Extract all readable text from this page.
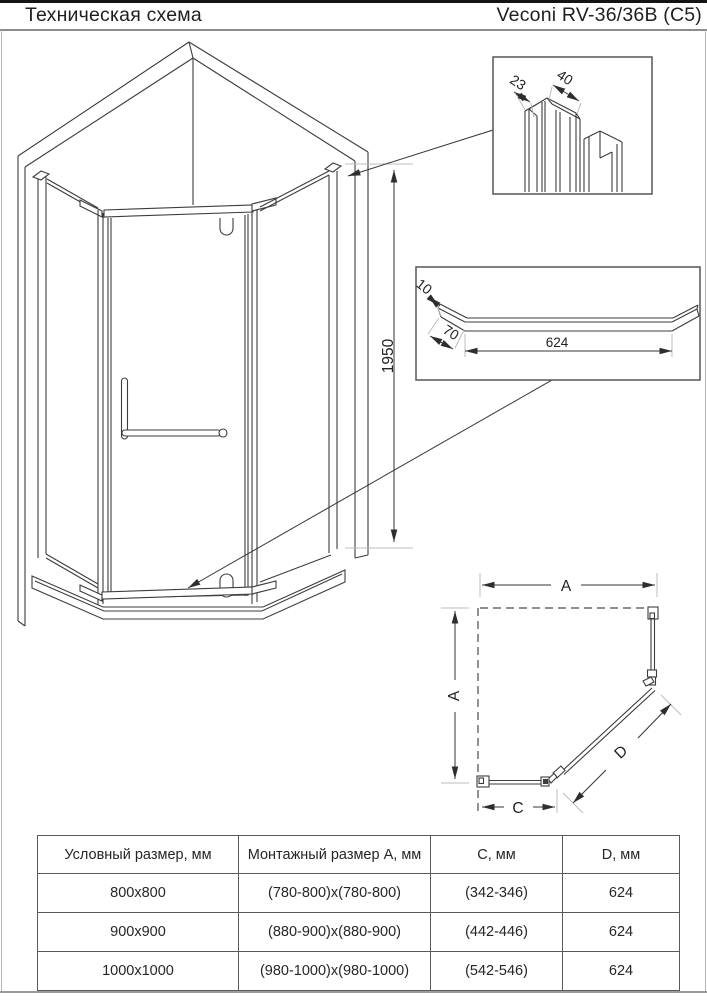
Техническая схема	Veconi RV-36/36B (C5)
1950
23 40
10
70	624
A
A
C
D
Условный размер, мм	Монтажный размер А, мм	С, мм	D, мм
800x800	(780-800)x(780-800)	(342-346)	624
900x900	(880-900)x(880-900)	(442-446)	624
1000x1000	(980-1000)x(980-1000)	(542-546)	624
